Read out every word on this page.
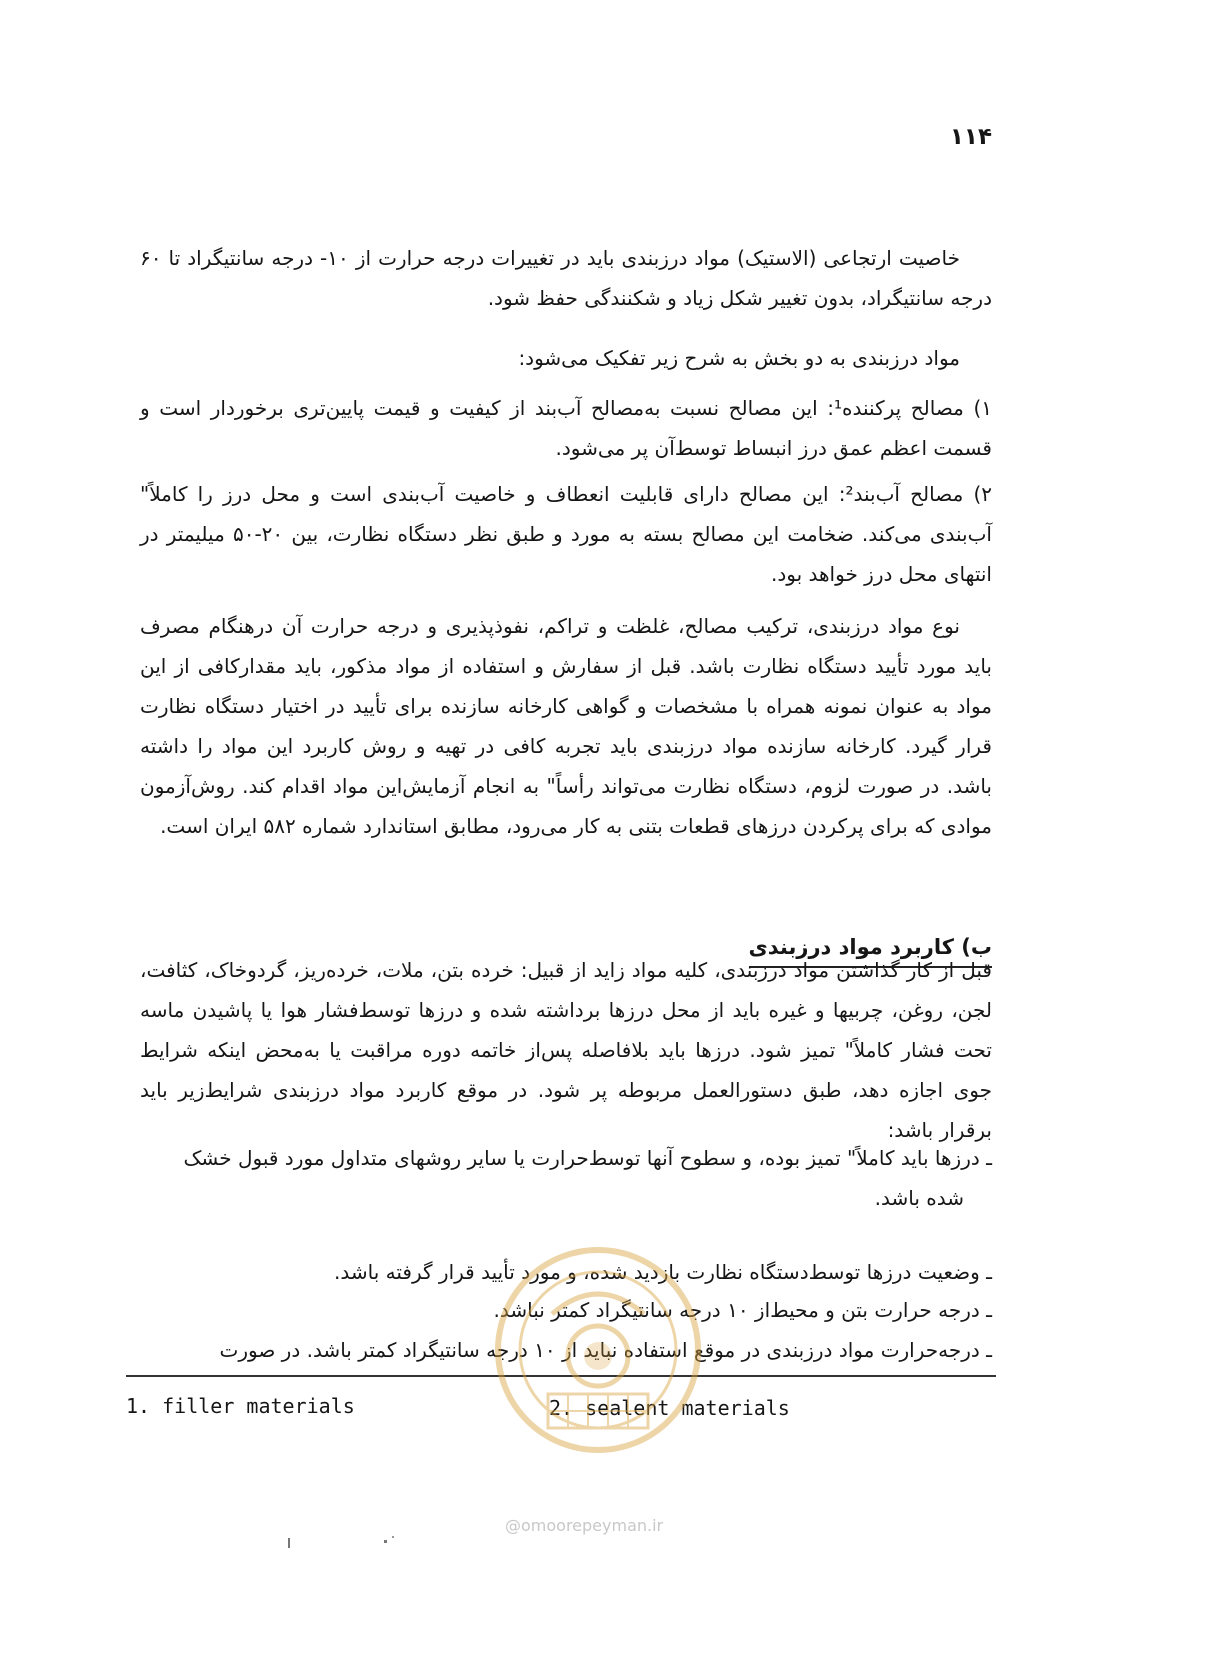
۱۱۴

خاصیت ارتجاعی (الاستیک) مواد درزبندی باید در تغییرات درجه حرارت از ۱۰- درجه سانتیگراد تا ۶۰ درجه سانتیگراد، بدون تغییر شکل زیاد و شکنندگی حفظ شود.

مواد درزبندی به دو بخش به شرح زیر تفکیک می‌شود:

۱) مصالح پرکننده¹: این مصالح نسبت به‌مصالح آب‌بند از کیفیت و قیمت پایین‌تری برخوردار است و قسمت اعظم عمق درز انبساط توسط‌آن پر می‌شود.

۲) مصالح آب‌بند²: این مصالح دارای قابلیت انعطاف و خاصیت آب‌بندی است و محل درز را کاملاً" آب‌بندی می‌کند. ضخامت این مصالح بسته به مورد و طبق نظر دستگاه نظارت، بین ۲۰-۵۰ میلیمتر در انتهای محل درز خواهد بود.

نوع مواد درزبندی، ترکیب مصالح، غلظت و تراکم، نفوذپذیری و درجه حرارت آن درهنگام مصرف باید مورد تأیید دستگاه نظارت باشد. قبل از سفارش و استفاده از مواد مذکور، باید مقدارکافی از این مواد به عنوان نمونه همراه با مشخصات و گواهی کارخانه سازنده برای تأیید در اختیار دستگاه نظارت قرار گیرد. کارخانه سازنده مواد درزبندی باید تجربه کافی در تهیه و روش کاربرد این مواد را داشته باشد. در صورت لزوم، دستگاه نظارت می‌تواند رأساً" به انجام آزمایش‌این مواد اقدام کند. روش‌آزمون موادی که برای پرکردن درزهای قطعات بتنی به کار می‌رود، مطابق استاندارد شماره ۵۸۲ ایران است.

ب) کاربرد مواد درزبندی

قبل از کار گذاشتن مواد درزبندی، کلیه مواد زاید از قبیل: خرده بتن، ملات، خرده‌ریز، گردوخاک، کثافت، لجن، روغن، چربیها و غیره باید از محل درزها برداشته شده و درزها توسط‌فشار هوا یا پاشیدن ماسه تحت فشار کاملاً" تمیز شود. درزها باید بلافاصله پس‌از خاتمه دوره مراقبت یا به‌محض اینکه شرایط جوی اجازه دهد، طبق دستورالعمل مربوطه پر شود. در موقع کاربرد مواد درزبندی شرایط‌زیر باید برقرار باشد:

ـ درزها باید کاملاً" تمیز بوده، و سطوح آنها توسط‌حرارت یا سایر روشهای متداول مورد قبول خشک

شده باشد.

ـ وضعیت درزها توسط‌دستگاه نظارت بازدید شده، و مورد تأیید قرار گرفته باشد.

ـ درجه حرارت بتن و محیط‌از ۱۰ درجه سانتیگراد کمتر نباشد.

ـ درجه‌حرارت مواد درزبندی در موقع استفاده نباید از ۱۰ درجه سانتیگراد کمتر باشد. در صورت

1. filler materials	2. sealent materials
@omoorepeyman.ir
